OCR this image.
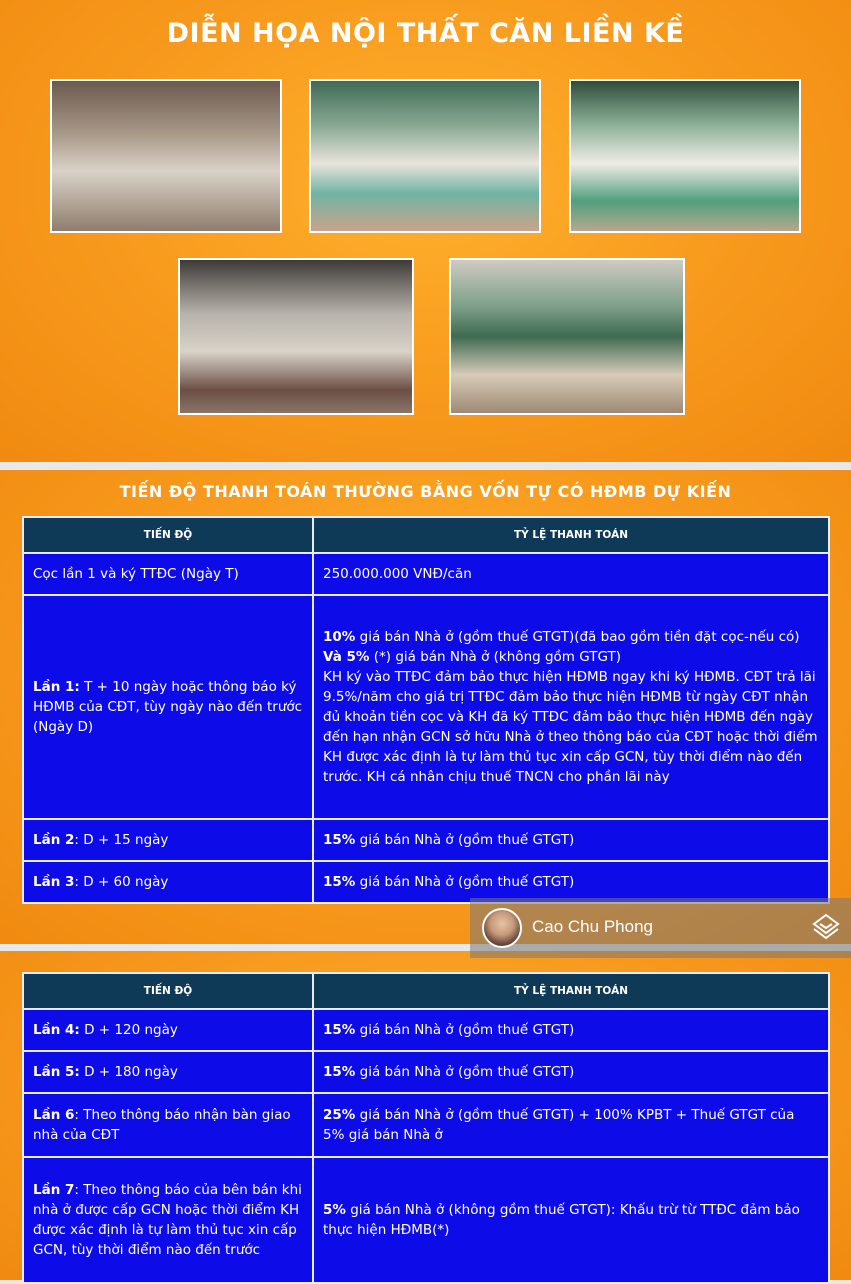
DIỄN HỌA NỘI THẤT CĂN LIỀN KỀ
TIẾN ĐỘ THANH TOÁN THƯỜNG BẰNG VỐN TỰ CÓ HĐMB DỰ KIẾN
TIẾN ĐỘ	TỶ LỆ THANH TOÁN
Cọc lần 1 và ký TTĐC (Ngày T)	250.000.000 VNĐ/căn
Lần 1: T + 10 ngày hoặc thông báo ký HĐMB của CĐT, tùy ngày nào đến trước (Ngày D)	10% giá bán Nhà ở (gồm thuế GTGT)(đã bao gồm tiền đặt cọc-nếu có)
Và 5% (*) giá bán Nhà ở (không gồm GTGT)
KH ký vào TTĐC đảm bảo thực hiện HĐMB ngay khi ký HĐMB. CĐT trả lãi 9.5%/năm cho giá trị TTĐC đảm bảo thực hiện HĐMB từ ngày CĐT nhận đủ khoản tiền cọc và KH đã ký TTĐC đảm bảo thực hiện HĐMB đến ngày đến hạn nhận GCN sở hữu Nhà ở theo thông báo của CĐT hoặc thời điểm KH được xác định là tự làm thủ tục xin cấp GCN, tùy thời điểm nào đến trước. KH cá nhân chịu thuế TNCN cho phần lãi này

Lần 2: D + 15 ngày	15% giá bán Nhà ở (gồm thuế GTGT)
Lần 3: D + 60 ngày	15% giá bán Nhà ở (gồm thuế GTGT)
TIẾN ĐỘ	TỶ LỆ THANH TOÁN
Lần 4: D + 120 ngày	15% giá bán Nhà ở (gồm thuế GTGT)
Lần 5: D + 180 ngày	15% giá bán Nhà ở (gồm thuế GTGT)
Lần 6: Theo thông báo nhận bàn giao nhà của CĐT	25% giá bán Nhà ở (gồm thuế GTGT) + 100% KPBT + Thuế GTGT của 5% giá bán Nhà ở
Lần 7: Theo thông báo của bên bán khi nhà ở được cấp GCN hoặc thời điểm KH được xác định là tự làm thủ tục xin cấp GCN, tùy thời điểm nào đến trước	5% giá bán Nhà ở (không gồm thuế GTGT): Khấu trừ từ TTĐC đảm bảo thực hiện HĐMB(*)
Cao Chu Phong
